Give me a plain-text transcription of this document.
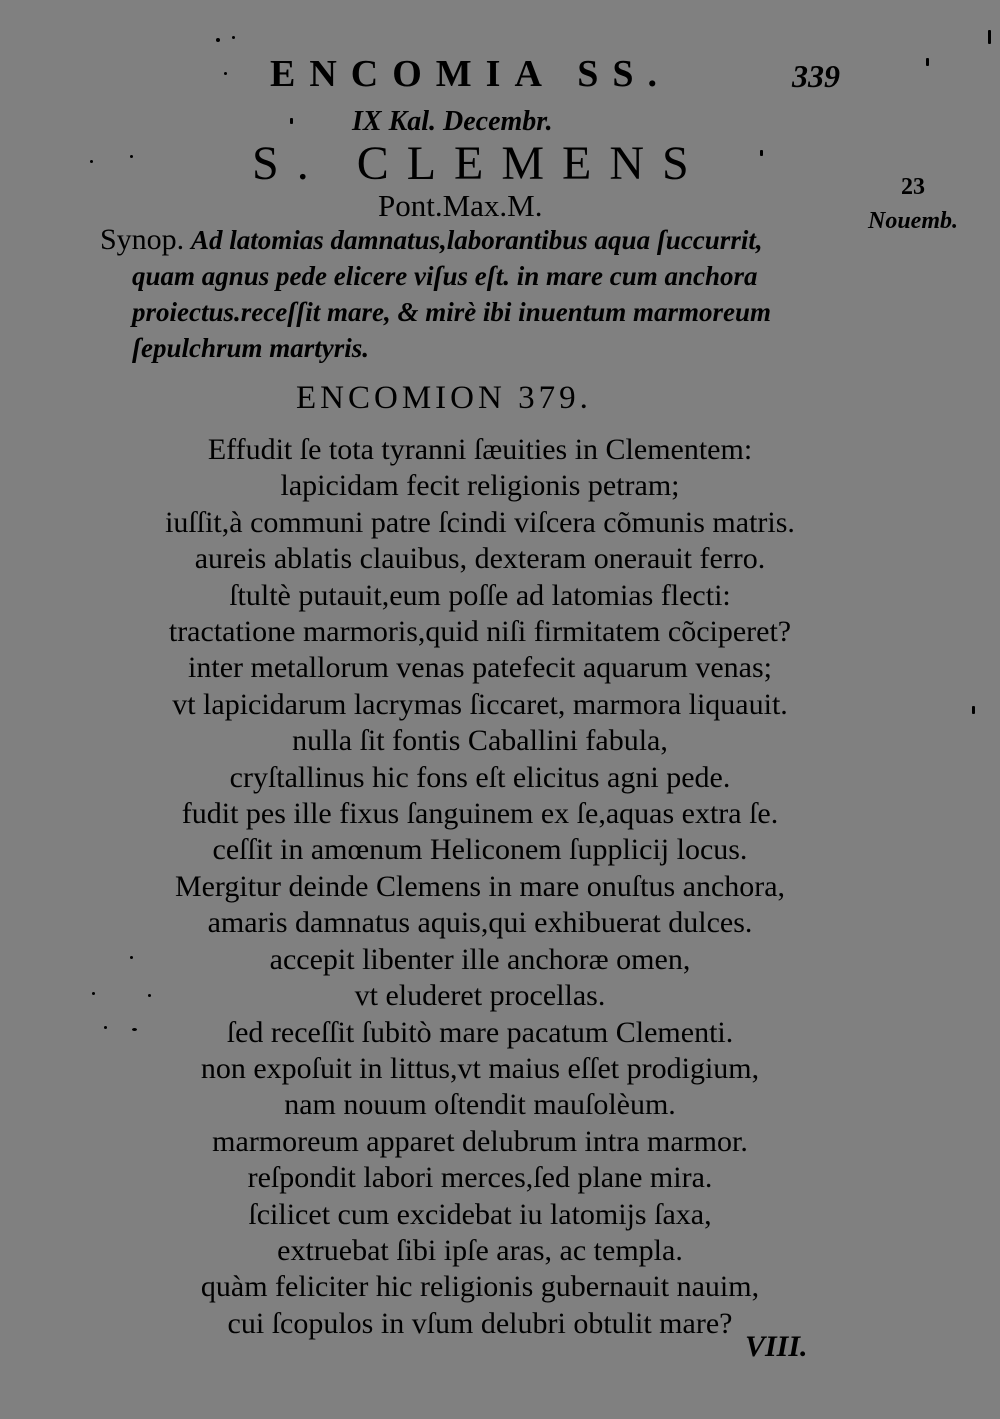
ENCOMIA SS.	339
IX Kal. Decembr.
S. CLEMENS
Pont.Max.M.
23
Nouemb.
Synop. Ad latomias damnatus,laborantibus aqua ſuccurrit,
quam agnus pede elicere viſus eſt. in mare cum anchora
proiectus.receſſit mare, & mirè ibi inuentum marmoreum
ſepulchrum martyris.
ENCOMION 379.
Effudit ſe tota tyranni ſæuities in Clementem:
lapicidam fecit religionis petram;
iuſſit,à communi patre ſcindi viſcera cõmunis matris.
aureis ablatis clauibus, dexteram onerauit ferro.
ſtultè putauit,eum poſſe ad latomias flecti:
tractatione marmoris,quid niſi firmitatem cõciperet?
inter metallorum venas patefecit aquarum venas;
vt lapicidarum lacrymas ſiccaret, marmora liquauit.
nulla ſit fontis Caballini fabula,
cryſtallinus hic fons eſt elicitus agni pede.
fudit pes ille fixus ſanguinem ex ſe,aquas extra ſe.
ceſſit in amœnum Heliconem ſupplicij locus.
Mergitur deinde Clemens in mare onuſtus anchora,
amaris damnatus aquis,qui exhibuerat dulces.
accepit libenter ille anchoræ omen,
vt eluderet procellas.
ſed receſſit ſubitò mare pacatum Clementi.
non expoſuit in littus,vt maius eſſet prodigium,
nam nouum oſtendit mauſolèum.
marmoreum apparet delubrum intra marmor.
reſpondit labori merces,ſed plane mira.
ſcilicet cum excidebat iu latomijs ſaxa,
extruebat ſibi ipſe aras, ac templa.
quàm feliciter hic religionis gubernauit nauim,
cui ſcopulos in vſum delubri obtulit mare?
VIII.
